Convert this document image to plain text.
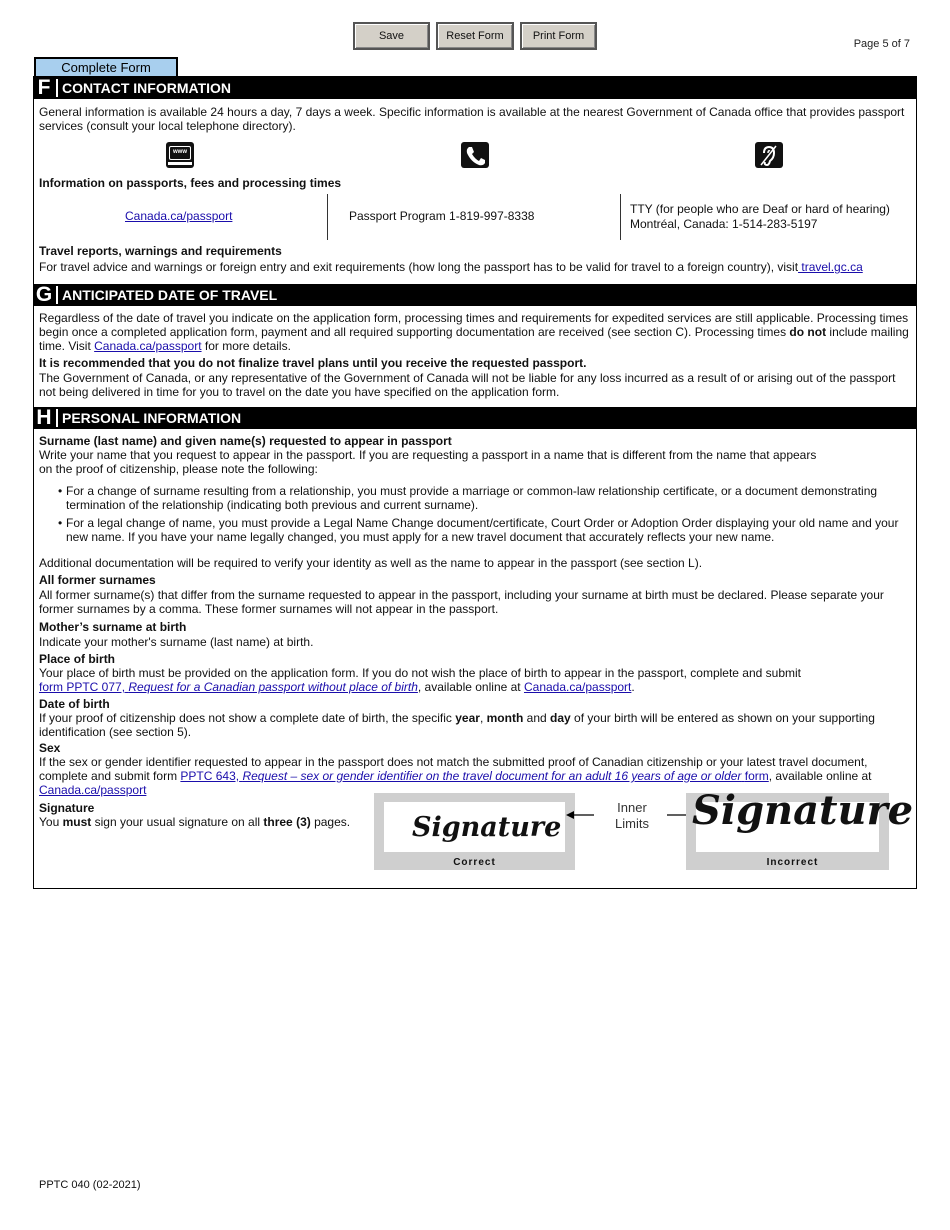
Save	Reset Form	Print Form
Page 5 of 7
Complete Form
F CONTACT INFORMATION
General information is available 24 hours a day, 7 days a week. Specific information is available at the nearest Government of Canada office that provides passport services (consult your local telephone directory).
www
Information on passports, fees and processing times
Canada.ca/passport	Passport Program 1-819-997-8338	TTY (for people who are Deaf or hard of hearing)
Montréal, Canada: 1-514-283-5197
Travel reports, warnings and requirements
For travel advice and warnings or foreign entry and exit requirements (how long the passport has to be valid for travel to a foreign country), visit travel.gc.ca
G ANTICIPATED DATE OF TRAVEL
Regardless of the date of travel you indicate on the application form, processing times and requirements for expedited services are still applicable. Processing times begin once a completed application form, payment and all required supporting documentation are received (see section C). Processing times do not include mailing time. Visit Canada.ca/passport for more details.
It is recommended that you do not finalize travel plans until you receive the requested passport.
The Government of Canada, or any representative of the Government of Canada will not be liable for any loss incurred as a result of or arising out of the passport not being delivered in time for you to travel on the date you have specified on the application form.
H PERSONAL INFORMATION
Surname (last name) and given name(s) requested to appear in passport
Write your name that you request to appear in the passport. If you are requesting a passport in a name that is different from the name that appears
on the proof of citizenship, please note the following:
• For a change of surname resulting from a relationship, you must provide a marriage or common-law relationship certificate, or a document demonstrating termination of the relationship (indicating both previous and current surname).
• For a legal change of name, you must provide a Legal Name Change document/certificate, Court Order or Adoption Order displaying your old name and your new name. If you have your name legally changed, you must apply for a new travel document that accurately reflects your new name.
Additional documentation will be required to verify your identity as well as the name to appear in the passport (see section L).
All former surnames
All former surname(s) that differ from the surname requested to appear in the passport, including your surname at birth must be declared. Please separate your former surnames by a comma. These former surnames will not appear in the passport.
Mother’s surname at birth
Indicate your mother's surname (last name) at birth.
Place of birth
Your place of birth must be provided on the application form. If you do not wish the place of birth to appear in the passport, complete and submit
form PPTC 077, Request for a Canadian passport without place of birth, available online at Canada.ca/passport.
Date of birth
If your proof of citizenship does not show a complete date of birth, the specific year, month and day of your birth will be entered as shown on your supporting identification (see section 5).
Sex
If the sex or gender identifier requested to appear in the passport does not match the submitted proof of Canadian citizenship or your latest travel document, complete and submit form PPTC 643, Request – sex or gender identifier on the travel document for an adult 16 years of age or older form, available online at Canada.ca/passport
Signature
You must sign your usual signature on all three (3) pages. Signature
Correct
Inner
Limits Signature
Incorrect
PPTC 040 (02-2021)
